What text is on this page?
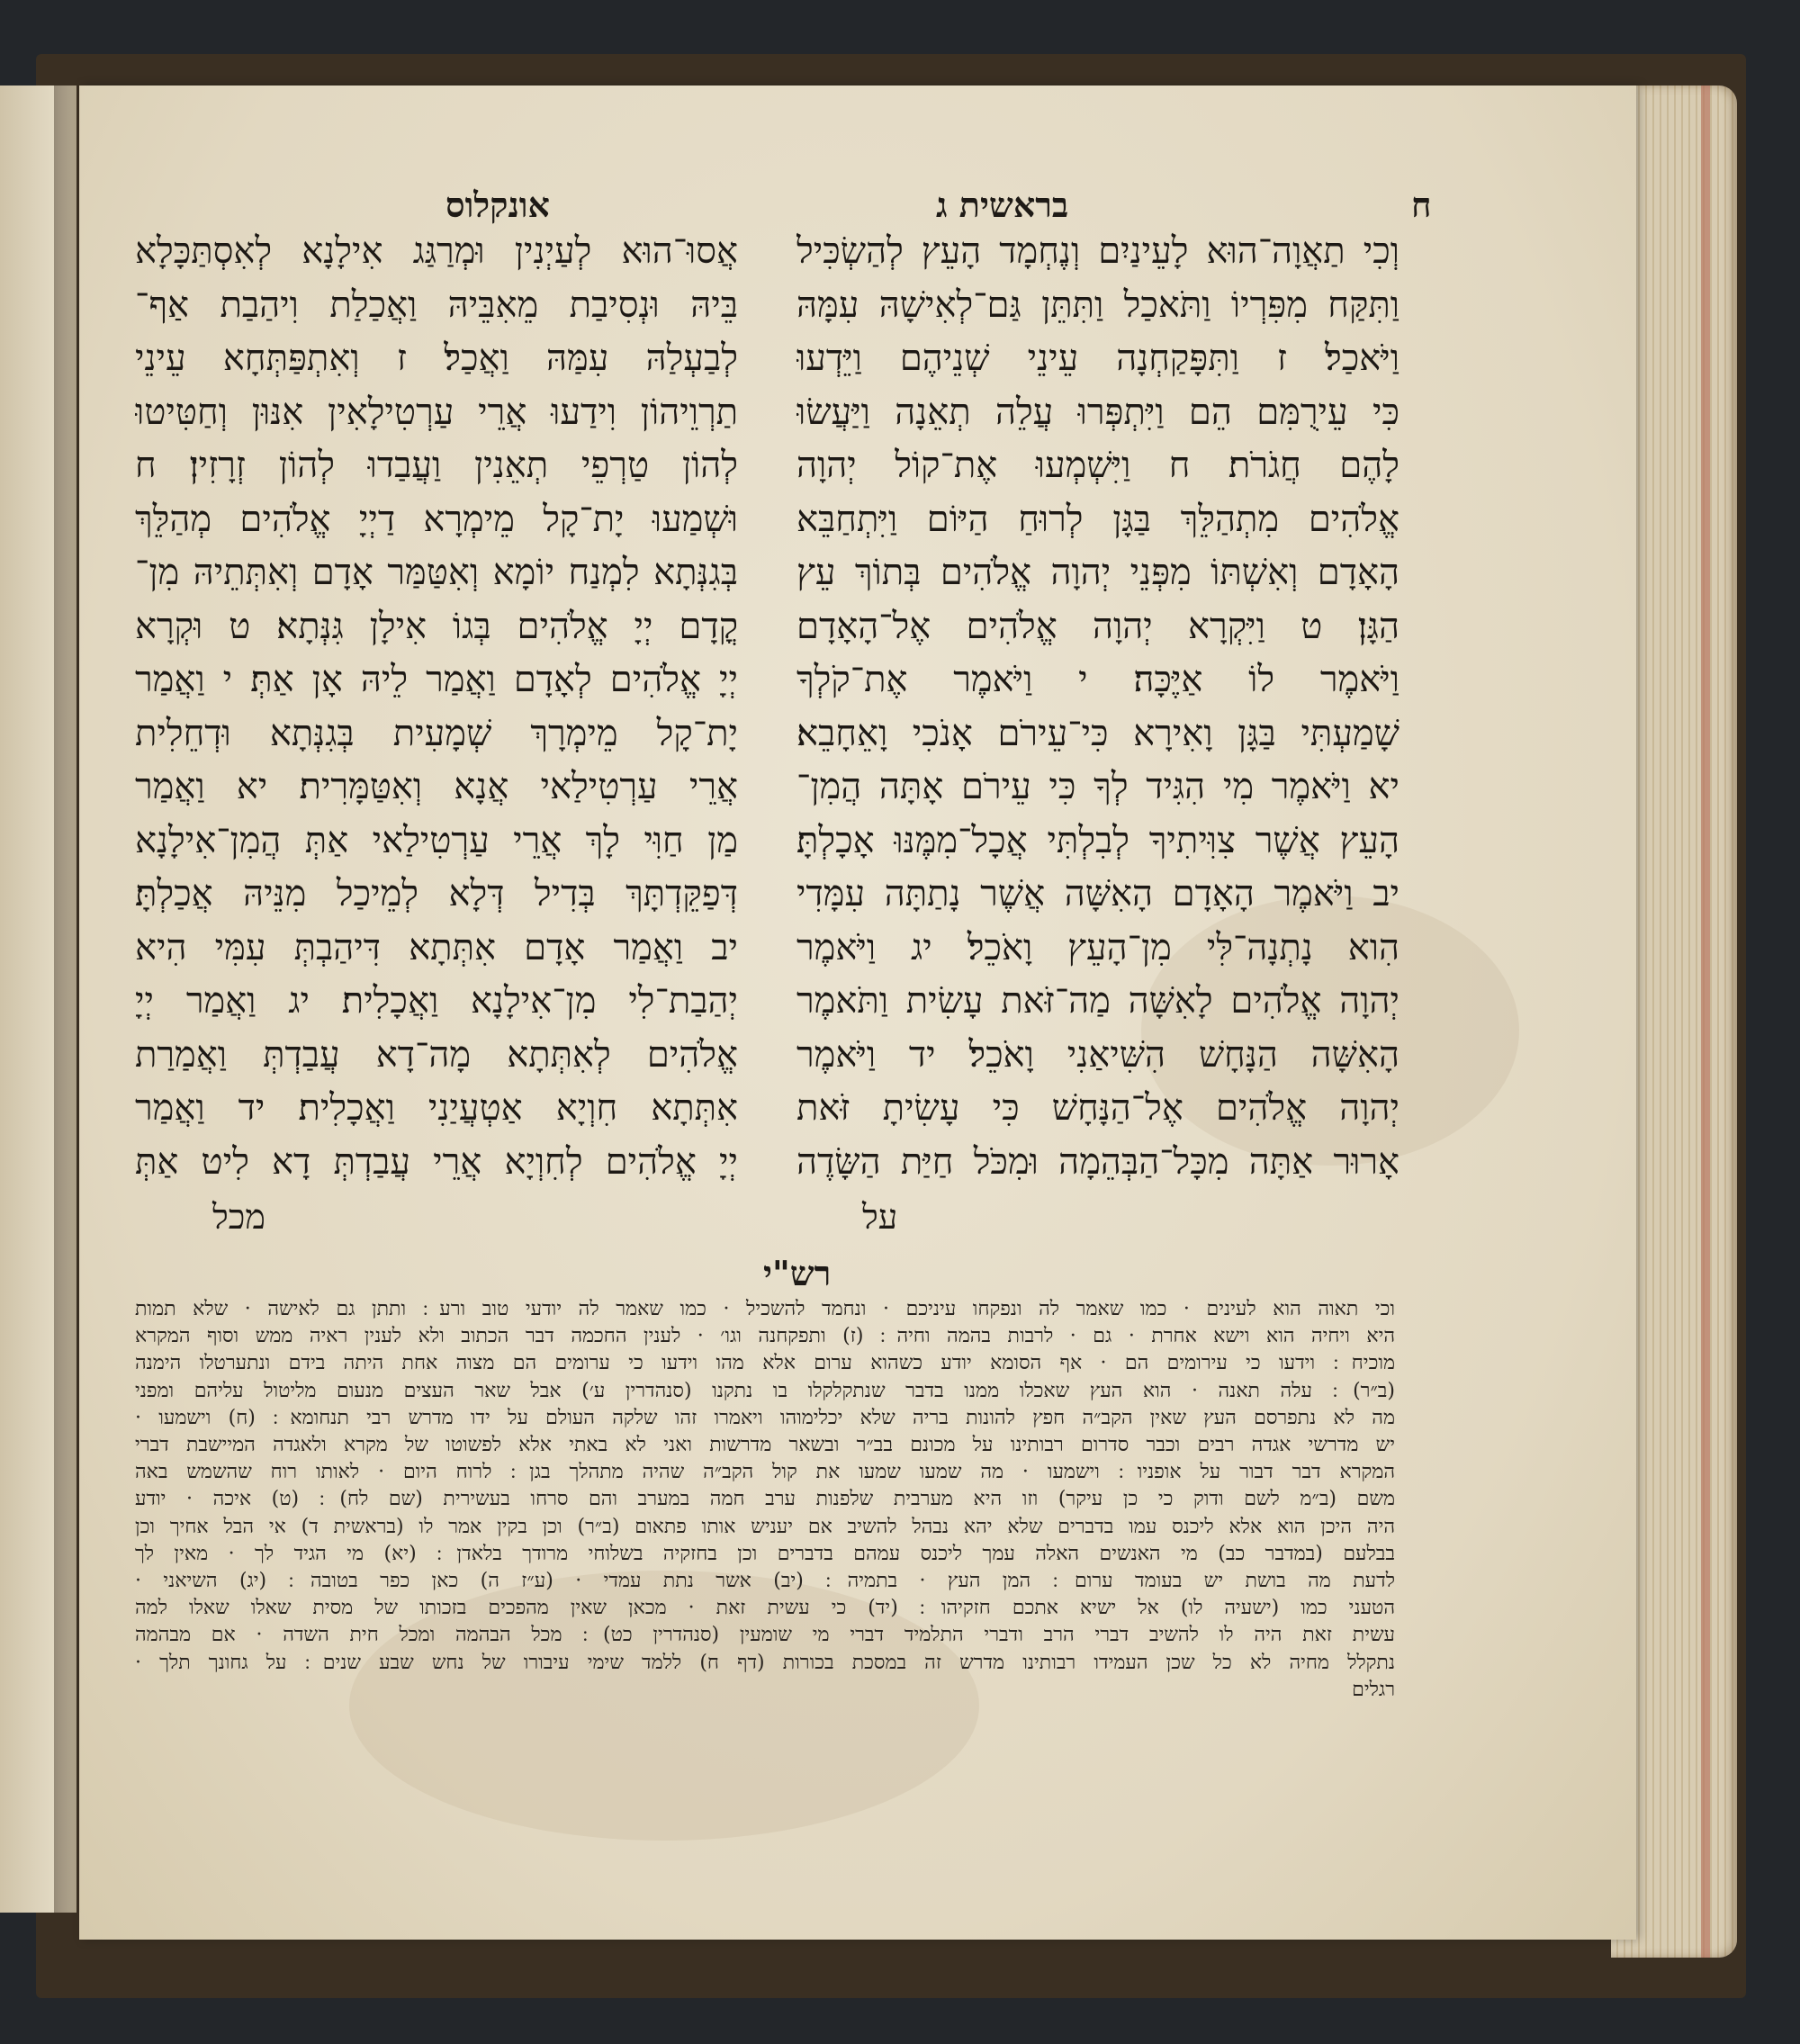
ח
בראשית ג
אונקלוס
וְכִי תַאֲוָה־הוּא לָעֵינַיִם וְנֶחְמָד הָעֵץ לְהַשְׂכִּיל
וַתִּקַּח מִפִּרְיוֹ וַתֹּאכַל וַתִּתֵּן גַּם־לְאִישָׁהּ עִמָּהּ
וַיֹּאכַל׃ ז וַתִּפָּקַחְנָה עֵינֵי שְׁנֵיהֶם וַיֵּדְעוּ
כִּי עֵירֻמִּם הֵם וַיִּתְפְּרוּ עֲלֵה תְאֵנָה וַיַּעֲשׂוּ
לָהֶם חֲגֹרֹת׃ ח וַיִּשְׁמְעוּ אֶת־קוֹל יְהוָה
אֱלֹהִים מִתְהַלֵּךְ בַּגָּן לְרוּחַ הַיּוֹם וַיִּתְחַבֵּא
הָאָדָם וְאִשְׁתּוֹ מִפְּנֵי יְהוָה אֱלֹהִים בְּתוֹךְ עֵץ
הַגָּן׃ ט וַיִּקְרָא יְהוָה אֱלֹהִים אֶל־הָאָדָם
וַיֹּאמֶר לוֹ אַיֶּכָּה׃ י וַיֹּאמֶר אֶת־קֹלְךָ
שָׁמַעְתִּי בַּגָּן וָאִירָא כִּי־עֵירֹם אָנֹכִי וָאֵחָבֵא׃
יא וַיֹּאמֶר מִי הִגִּיד לְךָ כִּי עֵירֹם אָתָּה הֲמִן־
הָעֵץ אֲשֶׁר צִוִּיתִיךָ לְבִלְתִּי אֲכָל־מִמֶּנּוּ אָכָלְתָּ׃
יב וַיֹּאמֶר הָאָדָם הָאִשָּׁה אֲשֶׁר נָתַתָּה עִמָּדִי
הִוא נָתְנָה־לִּי מִן־הָעֵץ וָאֹכֵל׃ יג וַיֹּאמֶר
יְהוָה אֱלֹהִים לָאִשָּׁה מַה־זֹּאת עָשִׂית וַתֹּאמֶר
הָאִשָּׁה הַנָּחָשׁ הִשִּׁיאַנִי וָאֹכֵל׃ יד וַיֹּאמֶר
יְהוָה אֱלֹהִים אֶל־הַנָּחָשׁ כִּי עָשִׂיתָ זֹּאת
אָרוּר אַתָּה מִכָּל־הַבְּהֵמָה וּמִכֹּל חַיַּת הַשָּׂדֶה
על
אֲסוּ־הוּא לְעַיְנִין וּמְרַגַּג אִילָנָא לְאִסְתַּכָּלָא
בֵּיהּ וּנְסִיבַת מֵאִבֵּיהּ וַאֲכַלַת וִיהַבַת אַף־
לְבַעְלַהּ עִמַּהּ וַאֲכַל׃ ז וְאִתְפַּתְּחָא עֵינֵי
תַרְוֵיהוֹן וִידַעוּ אֲרֵי עַרְטִילָאִין אִנּוּן וְחַטִּיטוּ
לְהוֹן טַרְפֵי תְאֵנִין וַעֲבַדוּ לְהוֹן זְרָזִין׃ ח
וּשְׁמַעוּ יָת־קָל מֵימְרָא דַיְיָ אֱלֹהִים מְהַלֵּךְ
בְּגִנְּתָא לִמְנַח יוֹמָא וְאִטַּמַּר אָדָם וְאִתְּתֵיהּ מִן־
קֳדָם יְיָ אֱלֹהִים בְּגוֹ אִילָן גִּנְּתָא׃ ט וּקְרָא
יְיָ אֱלֹהִים לְאָדָם וַאֲמַר לֵיהּ אָן אַתְּ׃ י וַאֲמַר
יָת־קָל מֵימְרָךְ שְׁמָעִית בְּגִנְּתָא וּדְחֵלִית
אֲרֵי עַרְטִילַאי אֲנָא וְאִטַּמָּרִית׃ יא וַאֲמַר
מַן חַוִּי לָךְ אֲרֵי עַרְטִילַאי אַתְּ הֲמִן־אִילָנָא
דְּפַקֵּדְתָּךְ בְּדִיל דְּלָא לְמֵיכַל מִנֵּיהּ אֲכַלְתָּ׃
יב וַאֲמַר אָדָם אִתְּתָא דִּיהַבְתְּ עִמִּי הִיא
יְהַבַת־לִי מִן־אִילָנָא וַאֲכָלִית׃ יג וַאֲמַר יְיָ
אֱלֹהִים לְאִתְּתָא מָה־דָא עֲבַדְתְּ וַאֲמַרַת
אִתְּתָא חִוְיָא אַטְעֲיַנִי וַאֲכָלִית׃ יד וַאֲמַר
יְיָ אֱלֹהִים לְחִוְיָא אֲרֵי עֲבַדְתְּ דָא לִיט אַתְּ
מכל
רש"י
וכי תאוה הוא לעינים · כמו שאמר לה ונפקחו עיניכם · ונחמד להשכיל · כמו שאמר לה יודעי טוב ורע ׃ ותתן גם לאישה · שלא תמות
היא ויחיה הוא וישא אחרת · גם · לרבות בהמה וחיה ׃ (ז) ותפקחנה וגו׳ · לענין החכמה דבר הכתוב ולא לענין ראיה ממש וסוף המקרא
מוכיח ׃ וידעו כי עירומים הם · אף הסומא יודע כשהוא ערום אלא מהו וידעו כי ערומים הם מצוה אחת היתה בידם ונתערטלו הימנה
(ב״ר) ׃ עלה תאנה · הוא העץ שאכלו ממנו בדבר שנתקלקלו בו נתקנו (סנהדרין ע׳) אבל שאר העצים מנעום מליטול עליהם ומפני
מה לא נתפרסם העץ שאין הקב״ה חפץ להונות בריה שלא יכלימוהו ויאמרו זהו שלקה העולם על ידו מדרש רבי תנחומא ׃ (ח) וישמעו ·
יש מדרשי אגדה רבים וכבר סדרום רבותינו על מכונם בב״ר ובשאר מדרשות ואני לא באתי אלא לפשוטו של מקרא ולאגדה המיישבת דברי
המקרא דבר דבור על אופניו ׃ וישמעו · מה שמעו שמעו את קול הקב״ה שהיה מתהלך בגן ׃ לרוח היום · לאותו רוח שהשמש באה
משם (ב״מ לשם ודוק כי כן עיקר) וזו היא מערבית שלפנות ערב חמה במערב והם סרחו בעשירית (שם לח) ׃ (ט) איכה · יודע
היה היכן הוא אלא ליכנס עמו בדברים שלא יהא נבהל להשיב אם יעניש אותו פתאום (ב״ר) וכן בקין אמר לו (בראשית ד) אי הבל אחיך וכן
בבלעם (במדבר כב) מי האנשים האלה עמך ליכנס עמהם בדברים וכן בחזקיה בשלוחי מרודך בלאדן ׃ (יא) מי הגיד לך · מאין לך
לדעת מה בושת יש בעומד ערום ׃ המן העץ · בתמיה ׃ (יב) אשר נתת עמדי · (ע״ז ה) כאן כפר בטובה ׃ (יג) השיאני ·
הטעני כמו (ישעיה לו) אל ישיא אתכם חזקיהו ׃ (יד) כי עשית זאת · מכאן שאין מהפכים בזכותו של מסית שאלו שאלו למה
עשית זאת היה לו להשיב דברי הרב ודברי התלמיד דברי מי שומעין (סנהדרין כט) ׃ מכל הבהמה ומכל חית השדה · אם מבהמה
נתקלל מחיה לא כל שכן העמידו רבותינו מדרש זה במסכת בכורות (דף ח) ללמד שימי עיבורו של נחש שבע שנים ׃ על גחונך תלך ·
רגלים
